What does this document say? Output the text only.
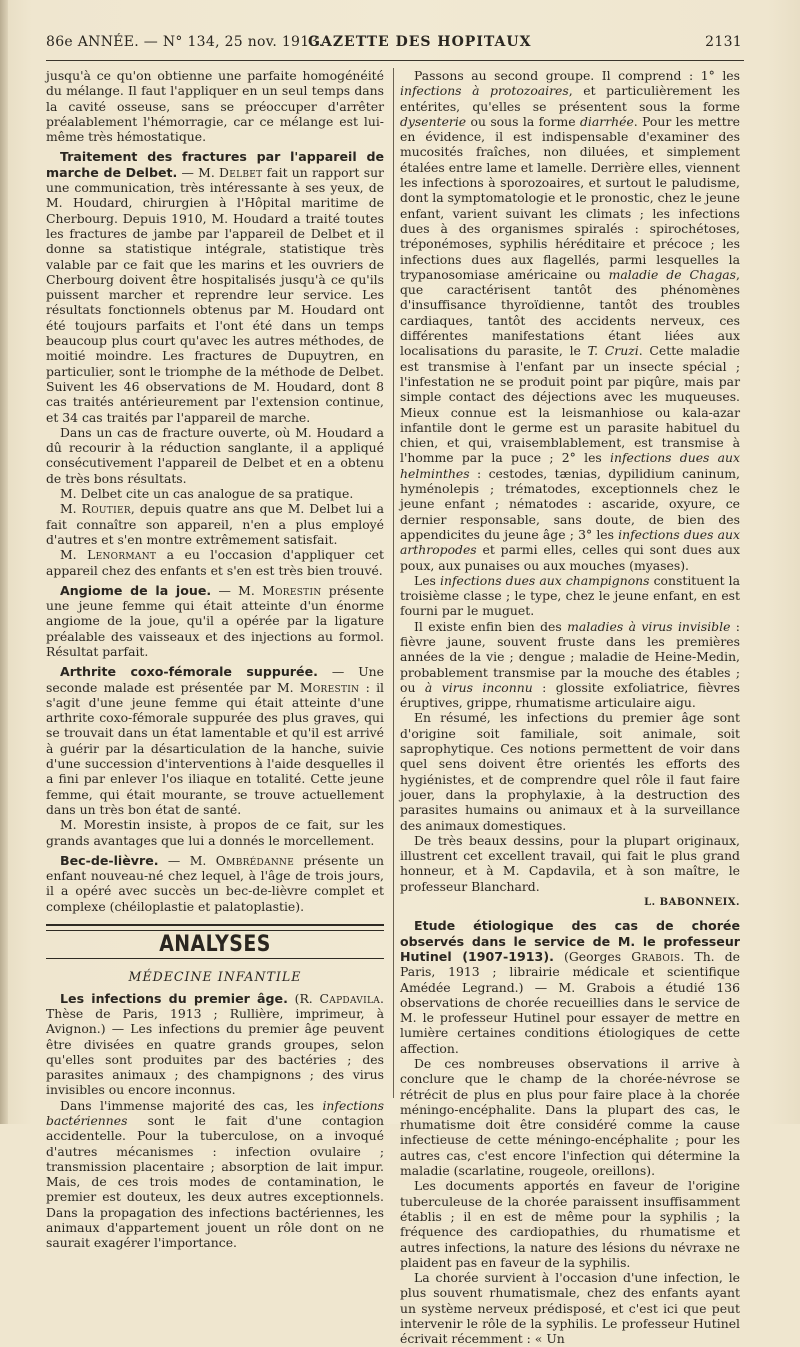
86e ANNÉE. — N° 134, 25 nov. 1913.
GAZETTE DES HOPITAUX	2131

jusqu'à ce qu'on obtienne une parfaite homogénéité du mélange. Il faut l'appliquer en un seul temps dans la cavité osseuse, sans se préoccuper d'arrêter préalablement l'hémorragie, car ce mélange est lui-même très hémostatique.

Traitement des fractures par l'appareil de marche de Delbet. — M. Delbet fait un rapport sur une communication, très intéressante à ses yeux, de M. Houdard, chirurgien à l'Hôpital maritime de Cherbourg. Depuis 1910, M. Houdard a traité toutes les fractures de jambe par l'appareil de Delbet et il donne sa statistique intégrale, statistique très valable par ce fait que les marins et les ouvriers de Cherbourg doivent être hospitalisés jusqu'à ce qu'ils puissent marcher et reprendre leur service. Les résultats fonctionnels obtenus par M. Houdard ont été toujours parfaits et l'ont été dans un temps beaucoup plus court qu'avec les autres méthodes, de moitié moindre. Les fractures de Dupuytren, en particulier, sont le triomphe de la méthode de Delbet. Suivent les 46 observations de M. Houdard, dont 8 cas traités antérieurement par l'extension continue, et 34 cas traités par l'appareil de marche.

Dans un cas de fracture ouverte, où M. Houdard a dû recourir à la réduction sanglante, il a appliqué consécutivement l'appareil de Delbet et en a obtenu de très bons résultats.

M. Delbet cite un cas analogue de sa pratique.

M. Routier, depuis quatre ans que M. Delbet lui a fait connaître son appareil, n'en a plus employé d'autres et s'en montre extrêmement satisfait.

M. Lenormant a eu l'occasion d'appliquer cet appareil chez des enfants et s'en est très bien trouvé.

Angiome de la joue. — M. Morestin présente une jeune femme qui était atteinte d'un énorme angiome de la joue, qu'il a opérée par la ligature préalable des vaisseaux et des injections au formol. Résultat parfait.

Arthrite coxo-fémorale suppurée. — Une seconde malade est présentée par M. Morestin : il s'agit d'une jeune femme qui était atteinte d'une arthrite coxo-fémorale suppurée des plus graves, qui se trouvait dans un état lamentable et qu'il est arrivé à guérir par la désarticulation de la hanche, suivie d'une succession d'interventions à l'aide desquelles il a fini par enlever l'os iliaque en totalité. Cette jeune femme, qui était mourante, se trouve actuellement dans un très bon état de santé.

M. Morestin insiste, à propos de ce fait, sur les grands avantages que lui a donnés le morcellement.

Bec-de-lièvre. — M. Ombrédanne présente un enfant nouveau-né chez lequel, à l'âge de trois jours, il a opéré avec succès un bec-de-lièvre complet et complexe (chéiloplastie et palatoplastie).

ANALYSES
MÉDECINE INFANTILE

Les infections du premier âge. (R. Capdavila. Thèse de Paris, 1913 ; Rullière, imprimeur, à Avignon.) — Les infections du premier âge peuvent être divisées en quatre grands groupes, selon qu'elles sont produites par des bactéries ; des parasites animaux ; des champignons ; des virus invisibles ou encore inconnus.

Dans l'immense majorité des cas, les infections bactériennes sont le fait d'une contagion accidentelle. Pour la tuberculose, on a invoqué d'autres mécanismes : infection ovulaire ; transmission placentaire ; absorption de lait impur. Mais, de ces trois modes de contamination, le premier est douteux, les deux autres exceptionnels. Dans la propagation des infections bactériennes, les animaux d'appartement jouent un rôle dont on ne saurait exagérer l'importance.

Passons au second groupe. Il comprend : 1° les infections à protozoaires, et particulièrement les entérites, qu'elles se présentent sous la forme dysenterie ou sous la forme diarrhée. Pour les mettre en évidence, il est indispensable d'examiner des mucosités fraîches, non diluées, et simplement étalées entre lame et lamelle. Derrière elles, viennent les infections à sporozoaires, et surtout le paludisme, dont la symptomatologie et le pronostic, chez le jeune enfant, varient suivant les climats ; les infections dues à des organismes spiralés : spirochétoses, tréponémoses, syphilis héréditaire et précoce ; les infections dues aux flagellés, parmi lesquelles la trypanosomiase américaine ou maladie de Chagas, que caractérisent tantôt des phénomènes d'insuffisance thyroïdienne, tantôt des troubles cardiaques, tantôt des accidents nerveux, ces différentes manifestations étant liées aux localisations du parasite, le T. Cruzi. Cette maladie est transmise à l'enfant par un insecte spécial ; l'infestation ne se produit point par piqûre, mais par simple contact des déjections avec les muqueuses. Mieux connue est la leismanhiose ou kala-azar infantile dont le germe est un parasite habituel du chien, et qui, vraisemblablement, est transmise à l'homme par la puce ; 2° les infections dues aux helminthes : cestodes, tænias, dypilidium caninum, hyménolepis ; trématodes, exceptionnels chez le jeune enfant ; nématodes : ascaride, oxyure, ce dernier responsable, sans doute, de bien des appendicites du jeune âge ; 3° les infections dues aux arthropodes et parmi elles, celles qui sont dues aux poux, aux punaises ou aux mouches (myases).

Les infections dues aux champignons constituent la troisième classe ; le type, chez le jeune enfant, en est fourni par le muguet.

Il existe enfin bien des maladies à virus invisible : fièvre jaune, souvent fruste dans les premières années de la vie ; dengue ; maladie de Heine-Medin, probablement transmise par la mouche des étables ; ou à virus inconnu : glossite exfoliatrice, fièvres éruptives, grippe, rhumatisme articulaire aigu.

En résumé, les infections du premier âge sont d'origine soit familiale, soit animale, soit saprophytique. Ces notions permettent de voir dans quel sens doivent être orientés les efforts des hygiénistes, et de comprendre quel rôle il faut faire jouer, dans la prophylaxie, à la destruction des parasites humains ou animaux et à la surveillance des animaux domestiques.

De très beaux dessins, pour la plupart originaux, illustrent cet excellent travail, qui fait le plus grand honneur, et à M. Capdavila, et à son maître, le professeur Blanchard.

L. BABONNEIX.

Etude étiologique des cas de chorée observés dans le service de M. le professeur Hutinel (1907-1913). (Georges Grabois. Th. de Paris, 1913 ; librairie médicale et scientifique Amédée Legrand.) — M. Grabois a étudié 136 observations de chorée recueillies dans le service de M. le professeur Hutinel pour essayer de mettre en lumière certaines conditions étiologiques de cette affection.

De ces nombreuses observations il arrive à conclure que le champ de la chorée-névrose se rétrécit de plus en plus pour faire place à la chorée méningo-encéphalite. Dans la plupart des cas, le rhumatisme doit être considéré comme la cause infectieuse de cette méningo-encéphalite ; pour les autres cas, c'est encore l'infection qui détermine la maladie (scarlatine, rougeole, oreillons).

Les documents apportés en faveur de l'origine tuberculeuse de la chorée paraissent insuffisamment établis ; il en est de même pour la syphilis ; la fréquence des cardiopathies, du rhumatisme et autres infections, la nature des lésions du névraxe ne plaident pas en faveur de la syphilis.

La chorée survient à l'occasion d'une infection, le plus souvent rhumatismale, chez des enfants ayant un système nerveux prédisposé, et c'est ici que peut intervenir le rôle de la syphilis. Le professeur Hutinel écrivait récemment : « Un
